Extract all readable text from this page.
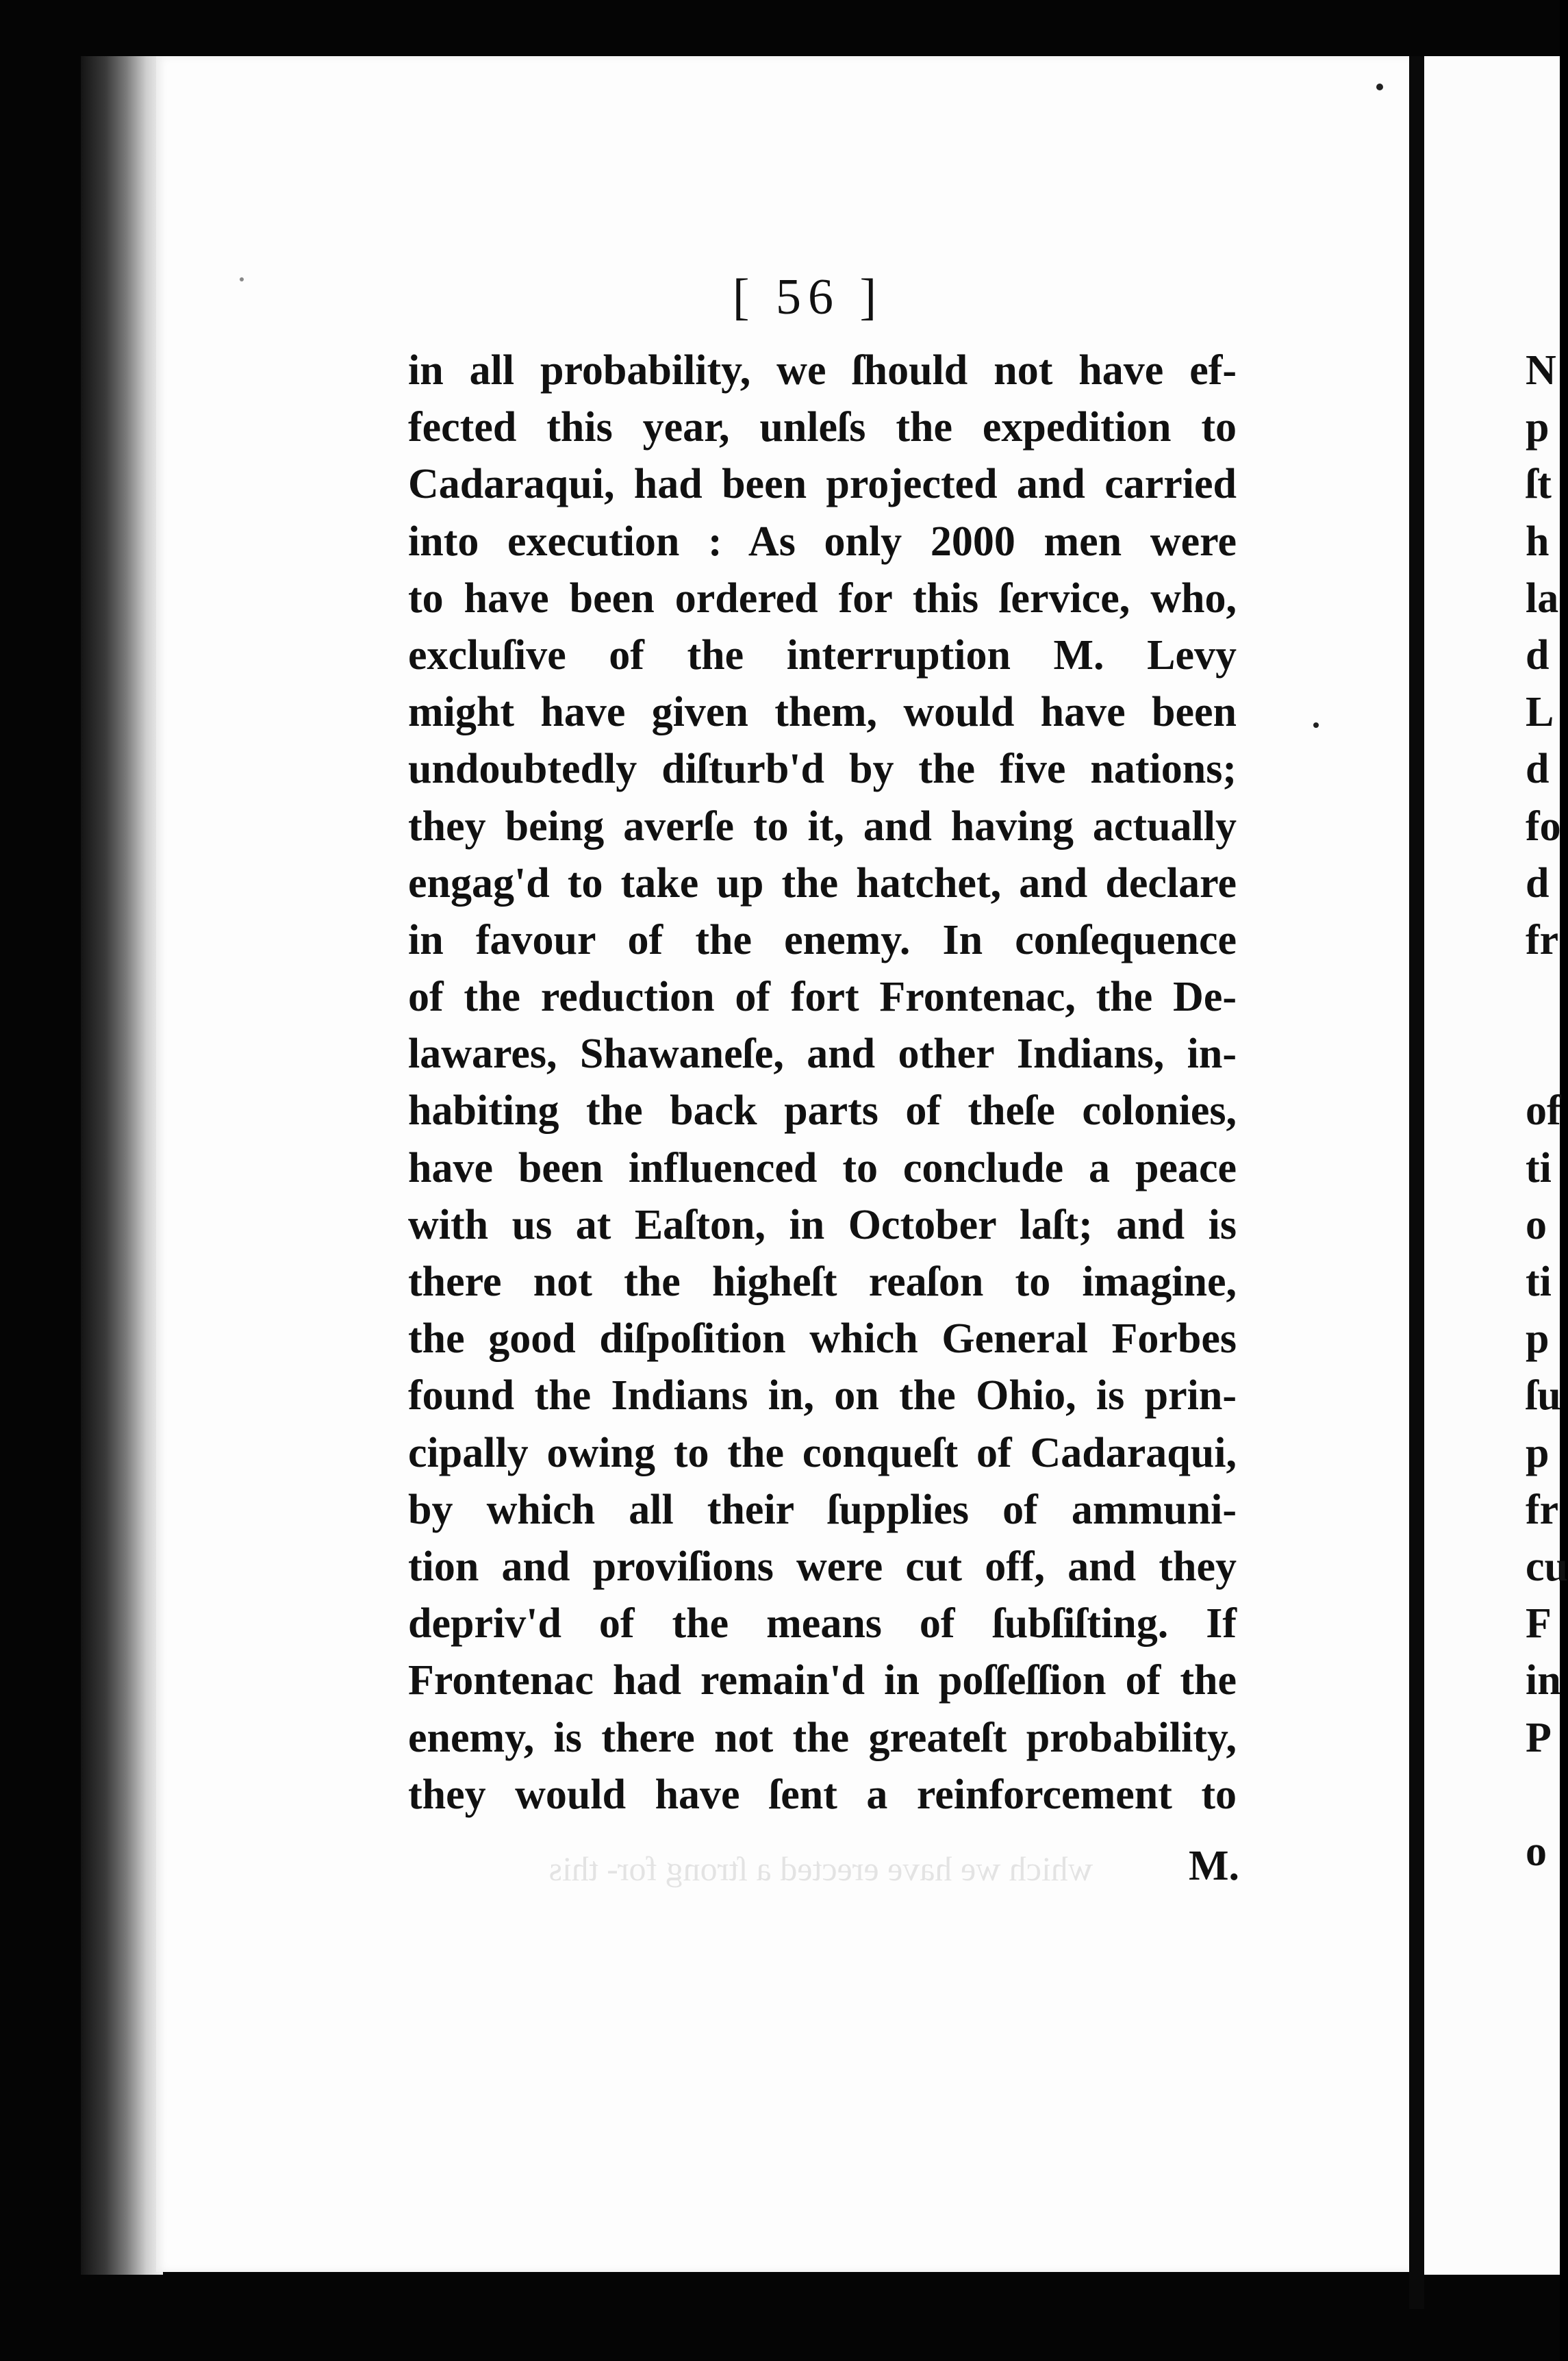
[ 56 ]
in all probability, we ſhould not have ef-
fected this year, unleſs the expedition to
Cadaraqui, had been projected and carried
into execution : As only 2000 men were
to have been ordered for this ſervice, who,
excluſive of the interruption M. Levy
might have given them, would have been
undoubtedly diſturb'd by the five nations;
they being averſe to it, and having actually
engag'd to take up the hatchet, and declare
in favour of the enemy. In conſequence
of the reduction of fort Frontenac, the De-
lawares, Shawaneſe, and other Indians, in-
habiting the back parts of theſe colonies,
have been influenced to conclude a peace
with us at Eaſton, in October laſt; and is
there not the higheſt reaſon to imagine,
the good diſpoſition which General Forbes
found the Indians in, on the Ohio, is prin-
cipally owing to the conqueſt of Cadaraqui,
by which all their ſupplies of ammuni-
tion and proviſions were cut off, and they
depriv'd of the means of ſubſiſting. If
Frontenac had remain'd in poſſeſſion of the
enemy, is there not the greateſt probability,
they would have ſent a reinforcement to
which we have erected a ſtrong for- this	M.
N
p
ſt
h
la
d
L
d
fo
d
fr
of
ti
o
ti
p
ſu
p
fr
cu
F
in
P
o
